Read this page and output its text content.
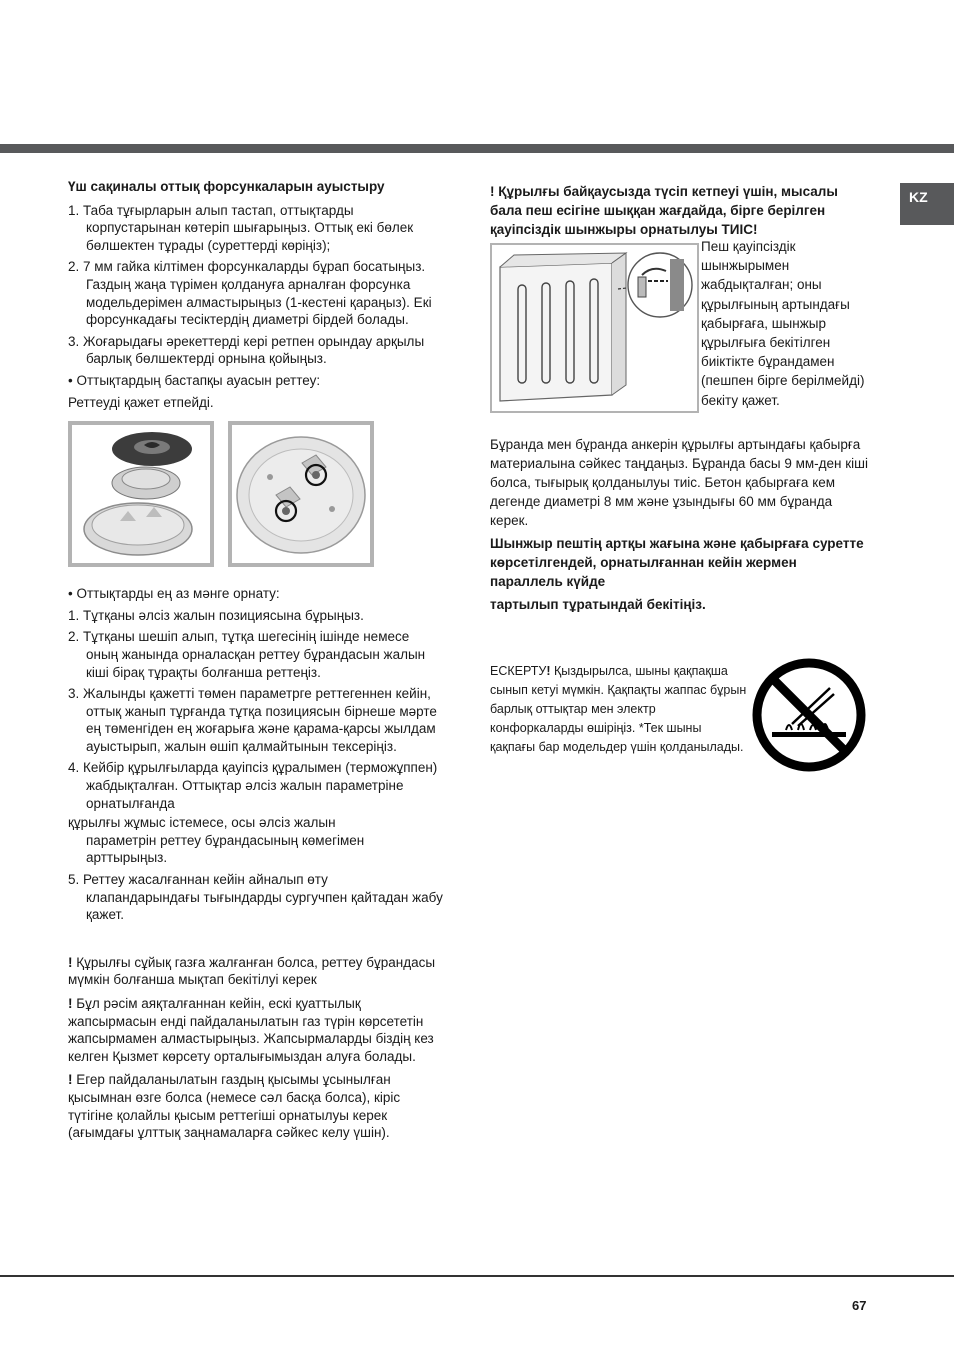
KZ
Үш сақиналы оттық форсункаларын ауыстыру
1. Таба тұғырларын алып тастап, оттықтарды корпустарынан көтеріп шығарыңыз. Оттық екі бөлек бөлшектен тұрады (суреттерді көріңіз);
2. 7 мм гайка кілтімен форсункаларды бұрап босатыңыз. Газдың жаңа түрімен қолдануға арналған форсунка модельдерімен алмастырыңыз (1-кестені қараңыз). Екі форсункадағы тесіктердің диаметрі бірдей болады.
3. Жоғарыдағы әрекеттерді кері ретпен орындау арқылы барлық бөлшектерді орнына қойыңыз.
• Оттықтардың бастапқы ауасын реттеу:
Реттеуді қажет етпейді.
• Оттықтарды ең аз мәнге орнату:
1. Тұтқаны әлсіз жалын позициясына бұрыңыз.
2. Тұтқаны шешіп алып, тұтқа шегесінің ішінде немесе оның жанында орналасқан реттеу бұрандасын жалын кіші бірақ тұрақты болғанша реттеңіз.
3. Жалынды қажетті төмен параметрге реттегеннен кейін, оттық жанып тұрғанда тұтқа позициясын бірнеше мәрте ең төменгіден ең жоғарыға және қарама-қарсы жылдам ауыстырып, жалын өшіп қалмайтынын тексеріңіз.
4. Кейбір құрылғыларда қауіпсіз құралымен (терможұппен) жабдықталған. Оттықтар әлсіз жалын параметріне орнатылғанда
құрылғы жұмыс істемесе, осы әлсіз жалын
параметрін реттеу бұрандасының көмегімен арттырыңыз.
5. Реттеу жасалғаннан кейін айналып өту клапандарындағы тығындарды сургучпен қайтадан жабу қажет.
! Құрылғы сұйық газға жалғанған болса, реттеу бұрандасы мүмкін болғанша мықтап бекітілуі керек
! Бұл рәсім аяқталғаннан кейін, ескі қуаттылық жапсырмасын енді пайдаланылатын газ түрін көрсететін жапсырмамен алмастырыңыз. Жапсырмаларды біздің кез келген Қызмет көрсету орталығымыздан алуға болады.
! Егер пайдаланылатын газдың қысымы ұсынылған қысымнан өзге болса (немесе сәл басқа болса), кіріс түтігіне қолайлы қысым реттегіші орнатылуы керек (ағымдағы ұлттық заңнамаларға сәйкес келу үшін).
! Құрылғы байқаусызда түсіп кетпеуі үшін, мысалы бала пеш есігіне шыққан жағдайда, бірге берілген қауіпсіздік шынжыры орнатылуы ТИІС!
Пеш қауіпсіздік шынжырымен жабдықталған; оны құрылғының артындағы қабырғаға, шынжыр құрылғыға бекітілген биіктікте бұрандамен (пешпен бірге берілмейді) бекіту қажет.
Бұранда мен бұранда анкерін құрылғы артындағы қабырға материалына сәйкес таңдаңыз. Бұранда басы 9 мм-ден кіші болса, тығырық қолданылуы тиіс. Бетон қабырғаға кем дегенде диаметрі 8 мм және ұзындығы 60 мм бұранда керек.
Шынжыр пештің артқы жағына және қабырғаға суретте көрсетілгендей, орнатылғаннан кейін жермен параллель күйде
тартылып тұратындай бекітіңіз.
ЕСКЕРТУ! Қыздырылса, шыны қақпақша сынып кетуі мүмкін. Қақпақты жаппас бұрын барлық оттықтар мен электр конфоркаларды өшіріңіз. *Тек шыны қақпағы бар модельдер үшін қолданылады.
67
